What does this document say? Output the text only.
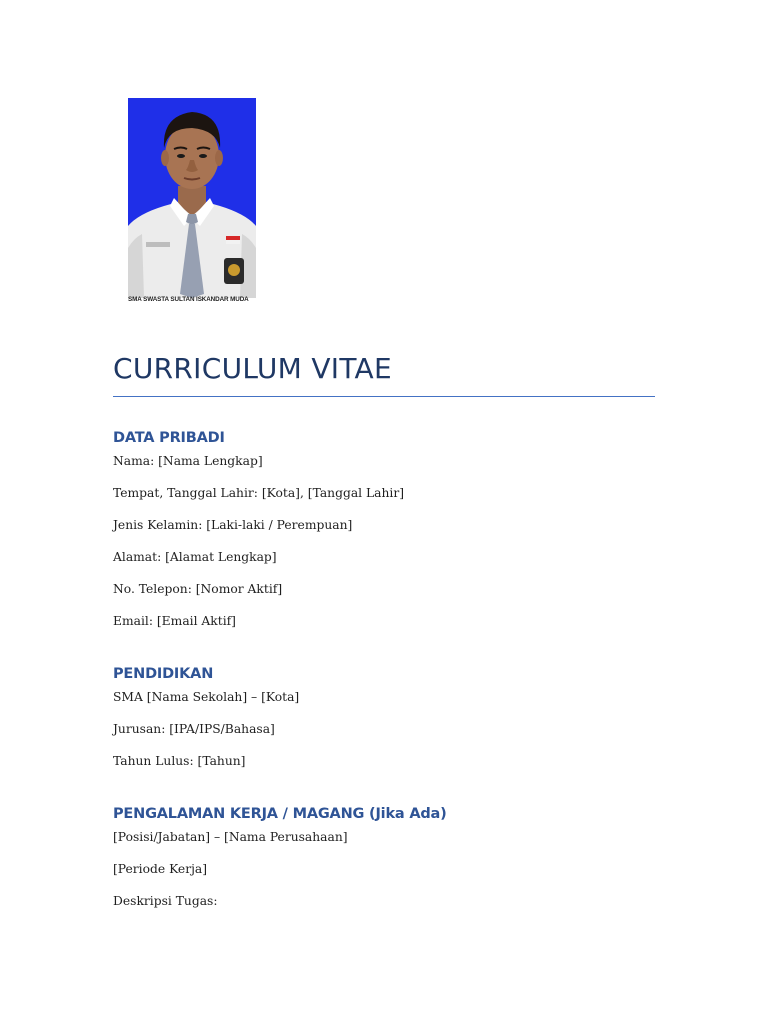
SMA SWASTA SULTAN ISKANDAR MUDA
CURRICULUM VITAE
DATA PRIBADI
Nama: [Nama Lengkap]
Tempat, Tanggal Lahir: [Kota], [Tanggal Lahir]
Jenis Kelamin: [Laki-laki / Perempuan]
Alamat: [Alamat Lengkap]
No. Telepon: [Nomor Aktif]
Email: [Email Aktif]
PENDIDIKAN
SMA [Nama Sekolah] – [Kota]
Jurusan: [IPA/IPS/Bahasa]
Tahun Lulus: [Tahun]
PENGALAMAN KERJA / MAGANG (Jika Ada)
[Posisi/Jabatan] – [Nama Perusahaan]
[Periode Kerja]
Deskripsi Tugas:
